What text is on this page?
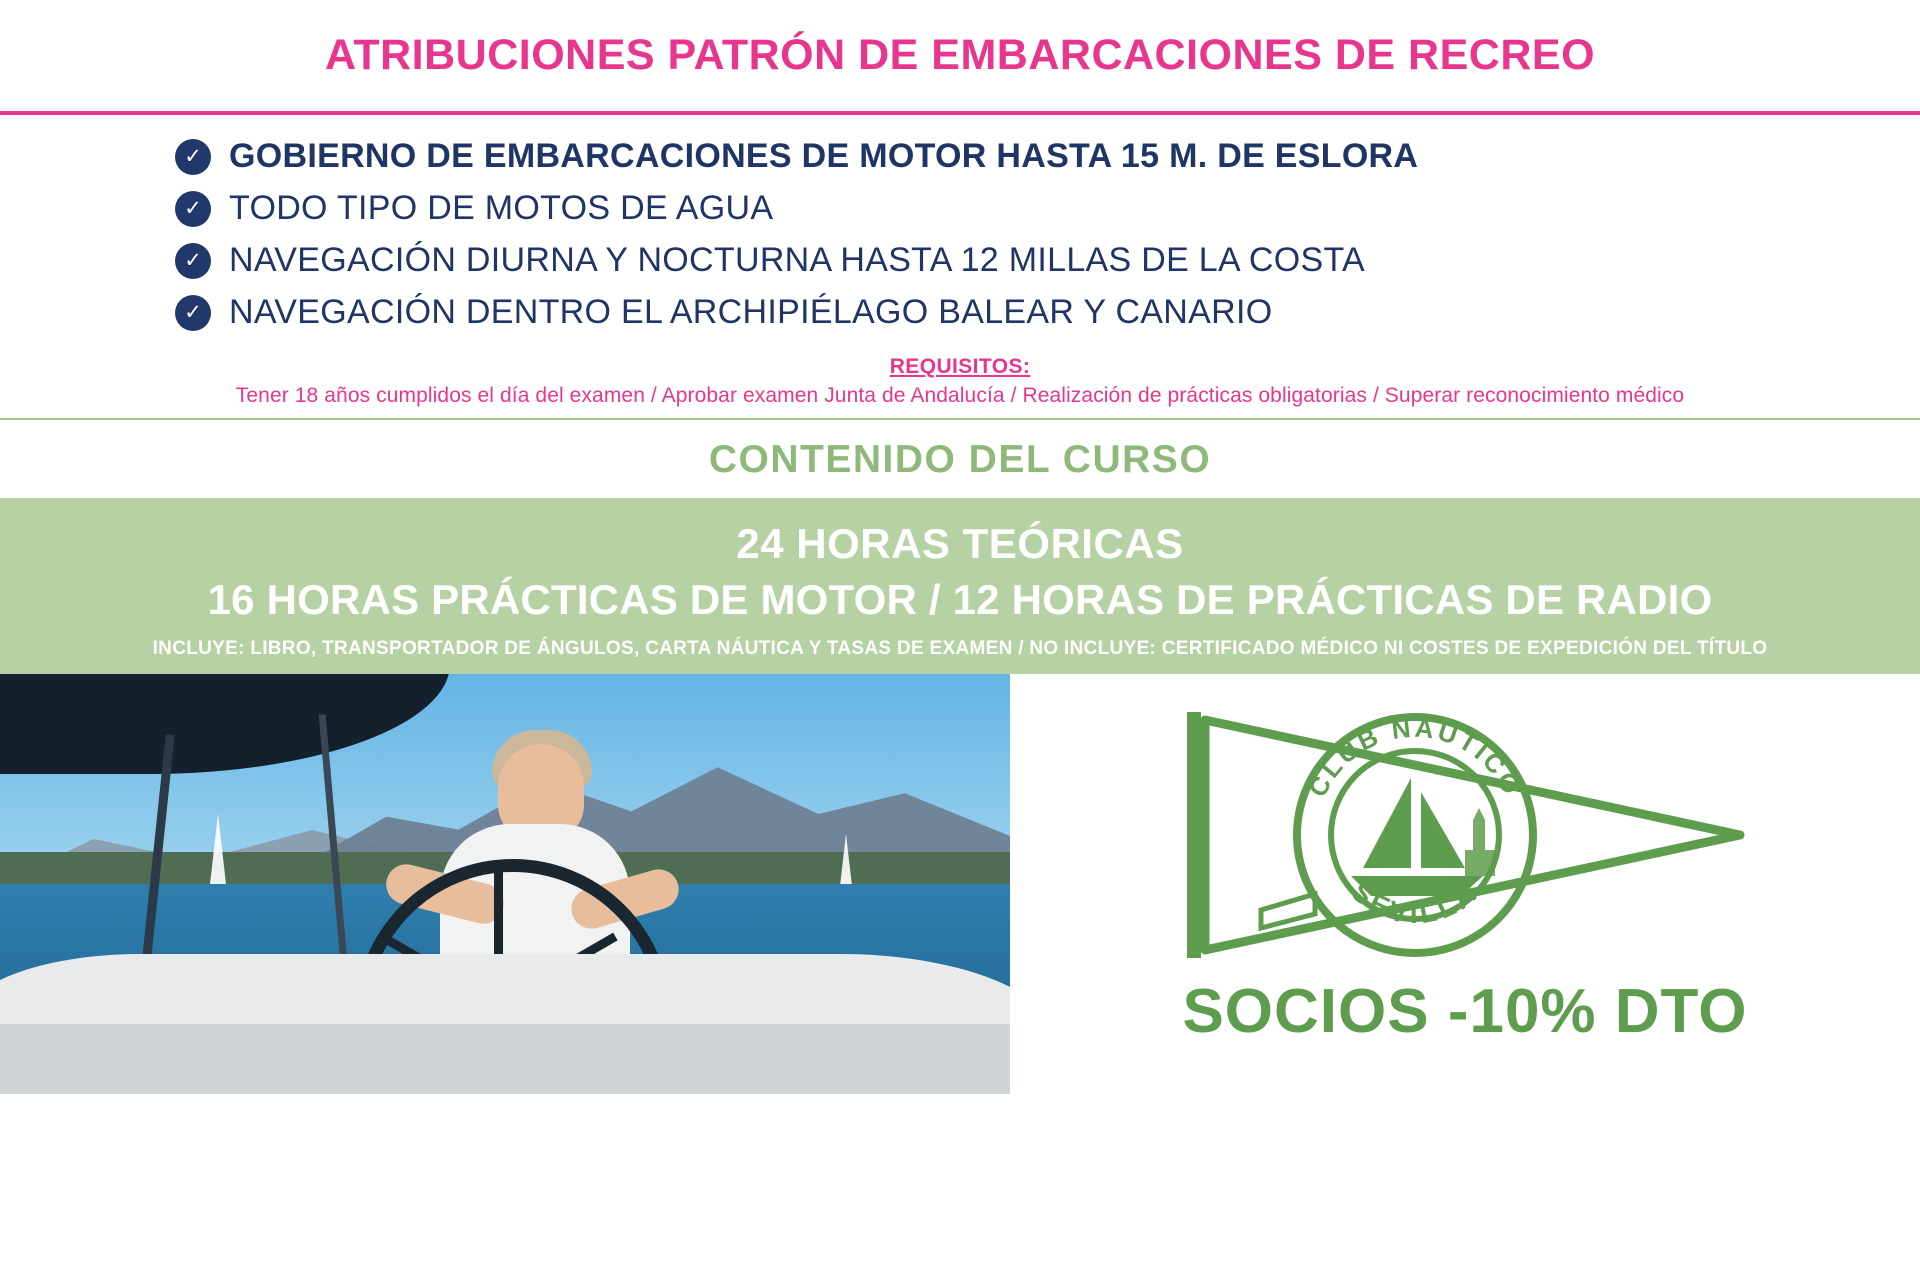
ATRIBUCIONES PATRÓN DE EMBARCACIONES DE RECREO
✓ GOBIERNO DE EMBARCACIONES DE MOTOR HASTA 15 M. DE ESLORA
✓ TODO TIPO DE MOTOS DE AGUA
✓ NAVEGACIÓN DIURNA Y NOCTURNA HASTA 12 MILLAS DE LA COSTA
✓ NAVEGACIÓN DENTRO EL ARCHIPIÉLAGO BALEAR Y CANARIO
REQUISITOS:
Tener 18 años cumplidos el día del examen / Aprobar examen Junta de Andalucía / Realización de prácticas obligatorias / Superar reconocimiento médico
CONTENIDO DEL CURSO
24 HORAS TEÓRICAS
16 HORAS PRÁCTICAS DE MOTOR / 12 HORAS DE PRÁCTICAS DE RADIO
INCLUYE: LIBRO, TRANSPORTADOR DE ÁNGULOS, CARTA NÁUTICA Y TASAS DE EXAMEN / NO INCLUYE: CERTIFICADO MÉDICO NI COSTES DE EXPEDICIÓN DEL TÍTULO
CLUB NÁUTICO
SEVILLA
SOCIOS -10% DTO
